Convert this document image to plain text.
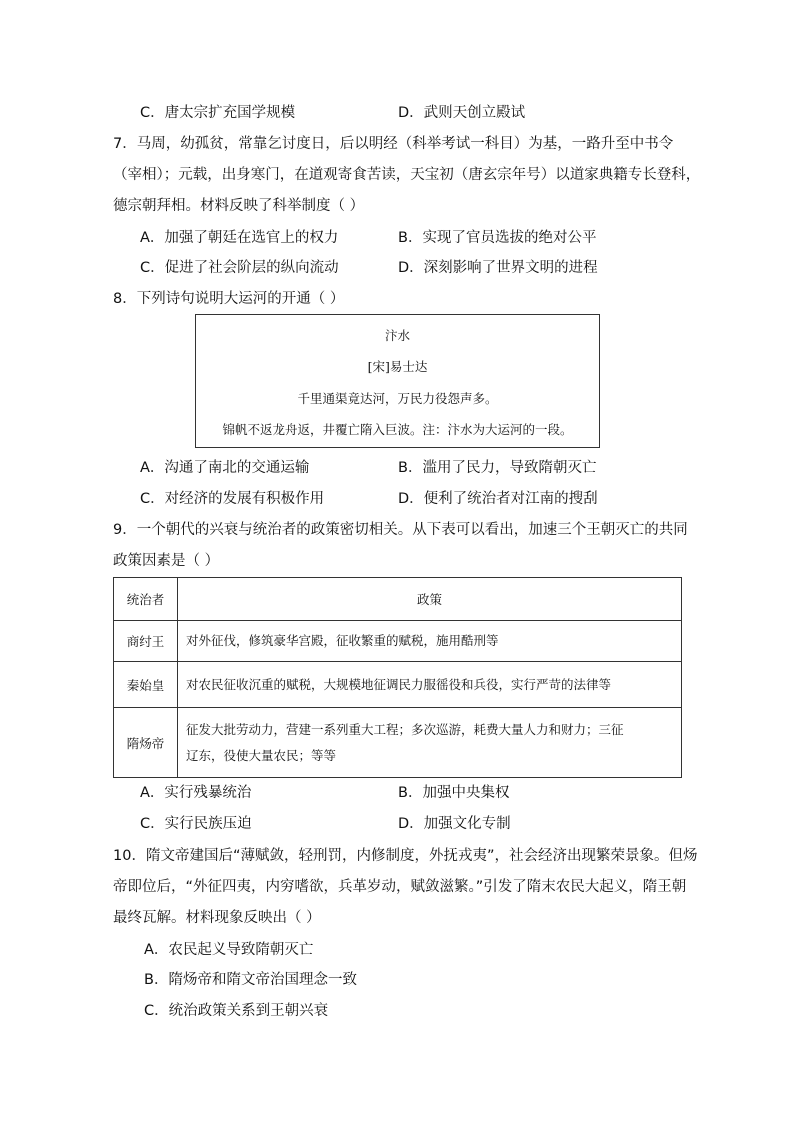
C．唐太宗扩充国学规模	D．武则天创立殿试
7．马周，幼孤贫，常靠乞讨度日，后以明经（科举考试一科目）为基，一路升至中书令
（宰相）；元载，出身寒门，在道观寄食苦读，天宝初（唐玄宗年号）以道家典籍专长登科，
德宗朝拜相。材料反映了科举制度（ ）
A．加强了朝廷在选官上的权力	B．实现了官员选拔的绝对公平
C．促进了社会阶层的纵向流动	D．深刻影响了世界文明的进程
8．下列诗句说明大运河的开通（ ）
汴水
[宋]易士达
千里通渠竟达河，万民力役怨声多。
锦帆不返龙舟返，井覆亡隋入巨波。注：汴水为大运河的一段。
A．沟通了南北的交通运输	B．滥用了民力，导致隋朝灭亡
C．对经济的发展有积极作用	D．便利了统治者对江南的搜刮
9．一个朝代的兴衰与统治者的政策密切相关。从下表可以看出，加速三个王朝灭亡的共同
政策因素是（ ）
统治者	政策
商纣王	对外征伐，修筑豪华宫殿，征收繁重的赋税，施用酷刑等
秦始皇	对农民征收沉重的赋税，大规模地征调民力服徭役和兵役，实行严苛的法律等
隋炀帝	征发大批劳动力，营建一系列重大工程；多次巡游，耗费大量人力和财力；三征
辽东，役使大量农民；等等
A．实行残暴统治	B．加强中央集权
C．实行民族压迫	D．加强文化专制
10．隋文帝建国后“薄赋敛，轻刑罚，内修制度，外抚戎夷”，社会经济出现繁荣景象。但炀
帝即位后，“外征四夷，内穷嗜欲，兵革岁动，赋敛滋繁。”引发了隋末农民大起义，隋王朝
最终瓦解。材料现象反映出（ ）
A．农民起义导致隋朝灭亡
B．隋炀帝和隋文帝治国理念一致
C．统治政策关系到王朝兴衰
